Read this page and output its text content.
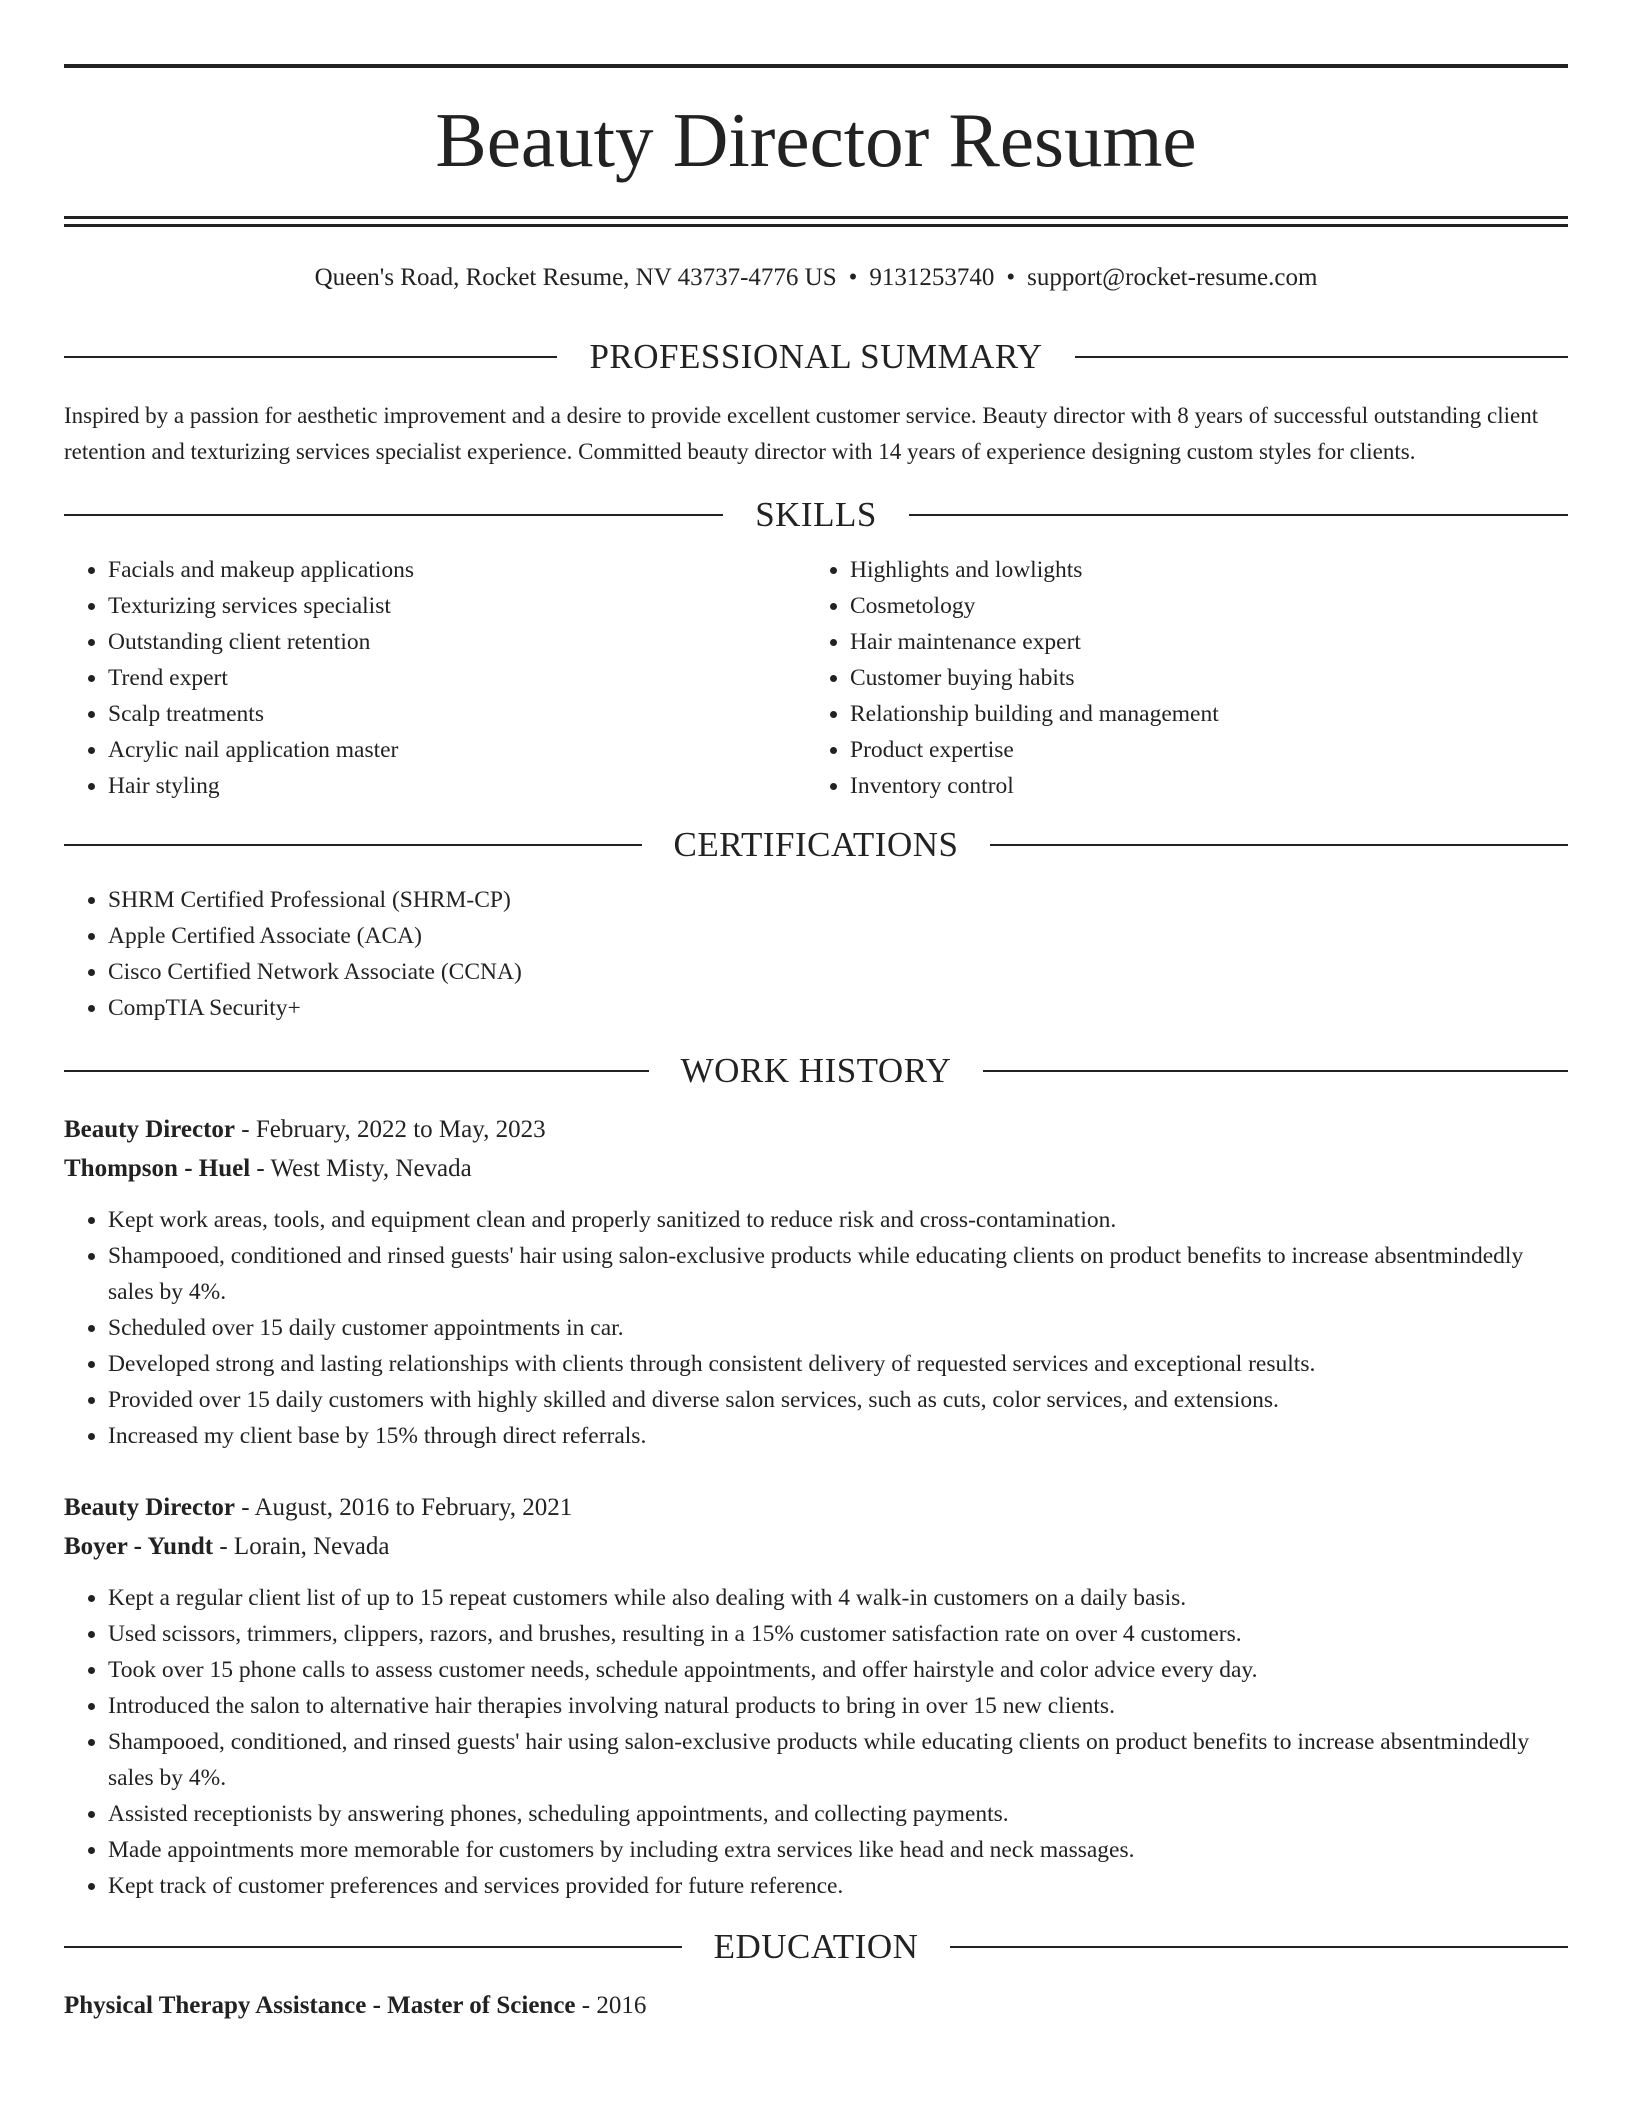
Beauty Director Resume
Queen's Road, Rocket Resume, NV 43737-4776 US • 9131253740 • support@rocket-resume.com
PROFESSIONAL SUMMARY

Inspired by a passion for aesthetic improvement and a desire to provide excellent customer service. Beauty director with 8 years of successful outstanding client retention and texturizing services specialist experience. Committed beauty director with 14 years of experience designing custom styles for clients.

SKILLS
• Facials and makeup applications
• Texturizing services specialist
• Outstanding client retention
• Trend expert
• Scalp treatments
• Acrylic nail application master
• Hair styling
• Highlights and lowlights
• Cosmetology
• Hair maintenance expert
• Customer buying habits
• Relationship building and management
• Product expertise
• Inventory control
CERTIFICATIONS
• SHRM Certified Professional (SHRM-CP)
• Apple Certified Associate (ACA)
• Cisco Certified Network Associate (CCNA)
• CompTIA Security+
WORK HISTORY
Beauty Director - February, 2022 to May, 2023
Thompson - Huel - West Misty, Nevada
• Kept work areas, tools, and equipment clean and properly sanitized to reduce risk and cross-contamination.
• Shampooed, conditioned and rinsed guests' hair using salon-exclusive products while educating clients on product benefits to increase absentmindedly sales by 4%.
• Scheduled over 15 daily customer appointments in car.
• Developed strong and lasting relationships with clients through consistent delivery of requested services and exceptional results.
• Provided over 15 daily customers with highly skilled and diverse salon services, such as cuts, color services, and extensions.
• Increased my client base by 15% through direct referrals.
Beauty Director - August, 2016 to February, 2021
Boyer - Yundt - Lorain, Nevada
• Kept a regular client list of up to 15 repeat customers while also dealing with 4 walk-in customers on a daily basis.
• Used scissors, trimmers, clippers, razors, and brushes, resulting in a 15% customer satisfaction rate on over 4 customers.
• Took over 15 phone calls to assess customer needs, schedule appointments, and offer hairstyle and color advice every day.
• Introduced the salon to alternative hair therapies involving natural products to bring in over 15 new clients.
• Shampooed, conditioned, and rinsed guests' hair using salon-exclusive products while educating clients on product benefits to increase absentmindedly sales by 4%.
• Assisted receptionists by answering phones, scheduling appointments, and collecting payments.
• Made appointments more memorable for customers by including extra services like head and neck massages.
• Kept track of customer preferences and services provided for future reference.
EDUCATION
Physical Therapy Assistance - Master of Science - 2016
